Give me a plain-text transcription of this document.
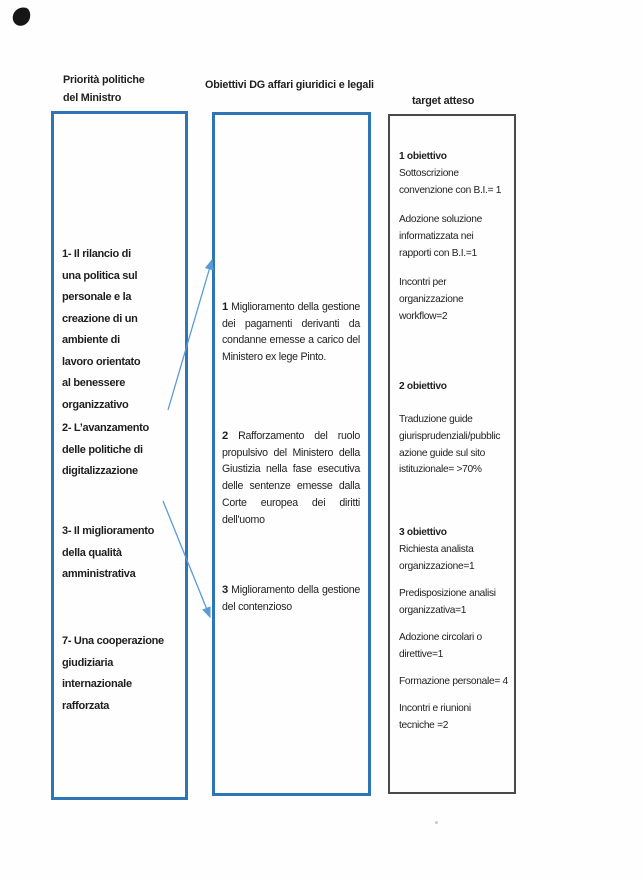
Priorità politiche
del Ministro
Obiettivi DG affari giuridici e legali
target atteso
1- Il rilancio di
una politica sul
personale e la
creazione di un
ambiente di
lavoro orientato
al benessere
organizzativo
2- L’avanzamento
delle politiche di
digitalizzazione
3- Il miglioramento
della qualità
amministrativa
7- Una cooperazione
giudiziaria
internazionale
rafforzata
1 Miglioramento della gestione dei pagamenti derivanti da condanne emesse a carico del Ministero ex lege Pinto.
2 Rafforzamento del ruolo propulsivo del Ministero della Giustizia nella fase esecutiva delle sentenze emesse dalla Corte europea dei diritti dell'uomo
3 Miglioramento della gestione del contenzioso
1 obiettivo
Sottoscrizione
convenzione con B.I.= 1
Adozione soluzione
informatizzata nei
rapporti con B.I.=1
Incontri per
organizzazione
workflow=2
2 obiettivo
Traduzione guide
giurisprudenziali/pubblic
azione guide sul sito
istituzionale= >70%
3 obiettivo
Richiesta analista
organizzazione=1
Predisposizione analisi
organizzativa=1
Adozione circolari o
direttive=1
Formazione personale= 4
Incontri e riunioni
tecniche =2
